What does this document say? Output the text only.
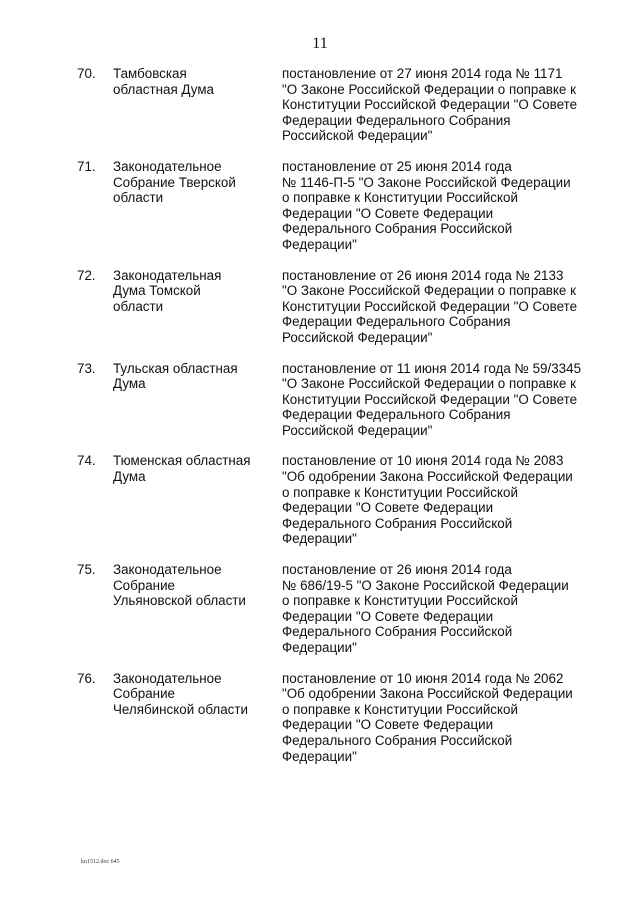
11
70. Тамбовская
областная Дума
постановление от 27 июня 2014 года № 1171
"О Законе Российской Федерации о поправке к
Конституции Российской Федерации "О Совете
Федерации Федерального Собрания
Российской Федерации"
71. Законодательное
Собрание Тверской
области
постановление от 25 июня 2014 года
№ 1146-П-5 "О Законе Российской Федерации
о поправке к Конституции Российской
Федерации "О Совете Федерации
Федерального Собрания Российской
Федерации"
72. Законодательная
Дума Томской
области
постановление от 26 июня 2014 года № 2133
"О Законе Российской Федерации о поправке к
Конституции Российской Федерации "О Совете
Федерации Федерального Собрания
Российской Федерации"
73. Тульская областная
Дума
постановление от 11 июня 2014 года № 59/3345
"О Законе Российской Федерации о поправке к
Конституции Российской Федерации "О Совете
Федерации Федерального Собрания
Российской Федерации"
74. Тюменская областная
Дума
постановление от 10 июня 2014 года № 2083
"Об одобрении Закона Российской Федерации
о поправке к Конституции Российской
Федерации "О Совете Федерации
Федерального Собрания Российской
Федерации"
75. Законодательное
Собрание
Ульяновской области
постановление от 26 июня 2014 года
№ 686/19-5 "О Законе Российской Федерации
о поправке к Конституции Российской
Федерации "О Совете Федерации
Федерального Собрания Российской
Федерации"
76. Законодательное
Собрание
Челябинской области
постановление от 10 июня 2014 года № 2062
"Об одобрении Закона Российской Федерации
о поправке к Конституции Российской
Федерации "О Совете Федерации
Федерального Собрания Российской
Федерации"
kn1512.doc 645
